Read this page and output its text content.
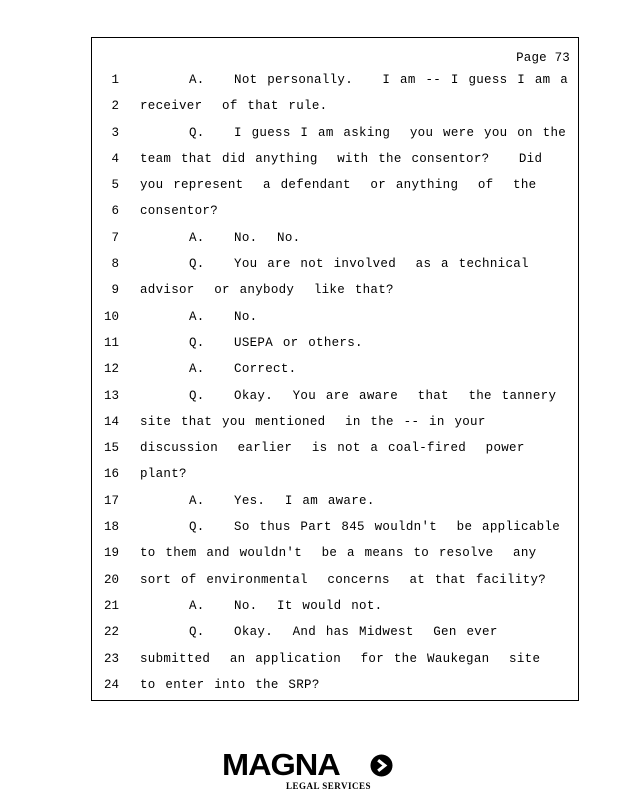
Page 73
1 A.   Not personally.   I am -- I guess I am a
2 receiver  of that rule.
3 Q.   I guess I am asking  you were you on the
4 team that did anything  with the consentor?   Did
5 you represent  a defendant  or anything  of  the
6 consentor?
7 A.   No.  No.
8 Q.   You are not involved  as a technical
9 advisor  or anybody  like that?
10 A.   No.
11 Q.   USEPA or others.
12 A.   Correct.
13 Q.   Okay.  You are aware  that  the tannery
14 site that you mentioned  in the -- in your
15 discussion  earlier  is not a coal-fired  power
16 plant?
17 A.   Yes.  I am aware.
18 Q.   So thus Part 845 wouldn't  be applicable
19 to them and wouldn't  be a means to resolve  any
20 sort of environmental  concerns  at that facility?
21 A.   No.  It would not.
22 Q.   Okay.  And has Midwest  Gen ever
23 submitted  an application  for the Waukegan  site
24 to enter into the SRP?
MAGNA
LEGAL SERVICES
